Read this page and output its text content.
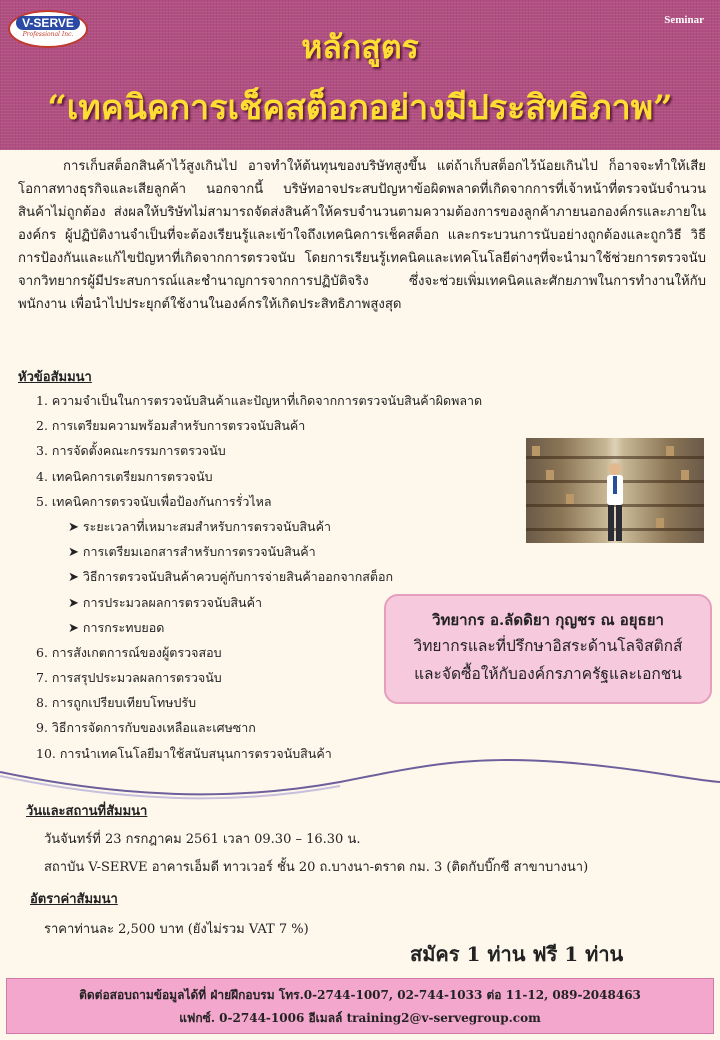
V-SERVE
Professional Inc.
Seminar
หลักสูตร
“เทคนิคการเช็คสต็อกอย่างมีประสิทธิภาพ”

การเก็บสต็อกสินค้าไว้สูงเกินไป อาจทำให้ต้นทุนของบริษัทสูงขึ้น แต่ถ้าเก็บสต็อกไว้น้อยเกินไป ก็อาจจะทำให้เสียโอกาสทางธุรกิจและเสียลูกค้า นอกจากนี้ บริษัทอาจประสบปัญหาข้อผิดพลาดที่เกิดจากการที่เจ้าหน้าที่ตรวจนับจำนวนสินค้าไม่ถูกต้อง ส่งผลให้บริษัทไม่สามารถจัดส่งสินค้าให้ครบจำนวนตามความต้องการของลูกค้าภายนอกองค์กรและภายในองค์กร ผู้ปฏิบัติงานจำเป็นที่จะต้องเรียนรู้และเข้าใจถึงเทคนิคการเช็คสต็อก และกระบวนการนับอย่างถูกต้องและถูกวิธี วิธีการป้องกันและแก้ไขปัญหาที่เกิดจากการตรวจนับ โดยการเรียนรู้เทคนิคและเทคโนโลยีต่างๆที่จะนำมาใช้ช่วยการตรวจนับจากวิทยากรผู้มีประสบการณ์และชำนาญการจากการปฏิบัติจริง ซึ่งจะช่วยเพิ่มเทคนิคและศักยภาพในการทำงานให้กับพนักงาน เพื่อนำไปประยุกต์ใช้งานในองค์กรให้เกิดประสิทธิภาพสูงสุด

หัวข้อสัมมนา
1. ความจำเป็นในการตรวจนับสินค้าและปัญหาที่เกิดจากการตรวจนับสินค้าผิดพลาด
2. การเตรียมความพร้อมสำหรับการตรวจนับสินค้า
3. การจัดตั้งคณะกรรมการตรวจนับ
4. เทคนิคการเตรียมการตรวจนับ
5. เทคนิคการตรวจนับเพื่อป้องกันการรั่วไหล
➤ ระยะเวลาที่เหมาะสมสำหรับการตรวจนับสินค้า
➤ การเตรียมเอกสารสำหรับการตรวจนับสินค้า
➤ วิธีการตรวจนับสินค้าควบคู่กับการจ่ายสินค้าออกจากสต็อก
➤ การประมวลผลการตรวจนับสินค้า
➤ การกระทบยอด
6. การสังเกตการณ์ของผู้ตรวจสอบ
7. การสรุปประมวลผลการตรวจนับ
8. การถูกเปรียบเทียบโทษปรับ
9. วิธีการจัดการกับของเหลือและเศษซาก
10. การนำเทคโนโลยีมาใช้สนับสนุนการตรวจนับสินค้า
วิทยากร อ.ลัดดิยา กุญชร ณ อยุธยา
วิทยากรและที่ปรึกษาอิสระด้านโลจิสติกส์
และจัดซื้อให้กับองค์กรภาครัฐและเอกชน
วันและสถานที่สัมมนา

วันจันทร์ที่ 23 กรกฎาคม 2561 เวลา 09.30 – 16.30 น.

สถาบัน V-SERVE อาคารเอ็มดี ทาวเวอร์ ชั้น 20 ถ.บางนา-ตราด กม. 3 (ติดกับบิ๊กซี สาขาบางนา)

ราคาท่านละ 2,500 บาท (ยังไม่รวม VAT 7 %)

อัตราค่าสัมมนา
สมัคร 1 ท่าน ฟรี 1 ท่าน
ติดต่อสอบถามข้อมูลได้ที่ ฝ่ายฝึกอบรม โทร.0-2744-1007, 02-744-1033 ต่อ 11-12, 089-2048463
แฟกซ์. 0-2744-1006 อีเมลล์ training2@v-servegroup.com
